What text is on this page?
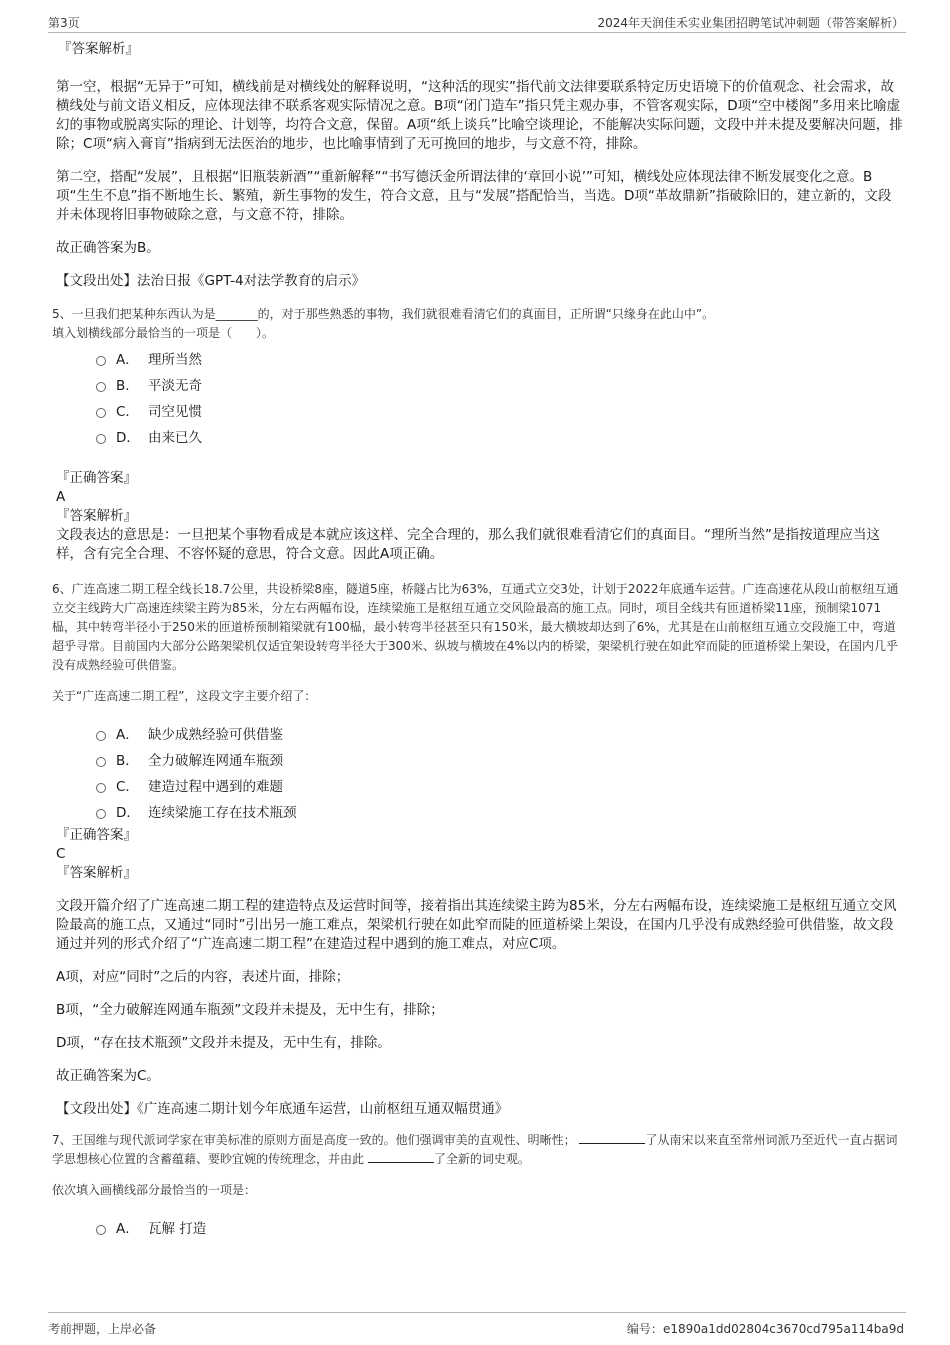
第3页	2024年天润佳禾实业集团招聘笔试冲刺题（带答案解析）

『答案解析』

第一空，根据“无异于”可知，横线前是对横线处的解释说明，“这种活的现实”指代前文法律要联系特定历史语境下的价值观念、社会需求，故横线处与前文语义相反，应体现法律不联系客观实际情况之意。B项“闭门造车”指只凭主观办事，不管客观实际，D项“空中楼阁”多用来比喻虚幻的事物或脱离实际的理论、计划等，均符合文意，保留。A项“纸上谈兵”比喻空谈理论，不能解决实际问题，文段中并未提及要解决问题，排除；C项“病入膏肓”指病到无法医治的地步，也比喻事情到了无可挽回的地步，与文意不符，排除。

第二空，搭配“发展”，且根据“旧瓶装新酒”“重新解释”“书写德沃金所谓法律的‘章回小说’”可知，横线处应体现法律不断发展变化之意。B项“生生不息”指不断地生长、繁殖，新生事物的发生，符合文意，且与“发展”搭配恰当，当选。D项“革故鼎新”指破除旧的，建立新的，文段并未体现将旧事物破除之意，与文意不符，排除。

故正确答案为B。

【文段出处】法治日报《GPT-4对法学教育的启示》

5、一旦我们把某种东西认为是_______的，对于那些熟悉的事物，我们就很难看清它们的真面目，正所谓“只缘身在此山中”。

填入划横线部分最恰当的一项是（　　）。

A． 理所当然
B． 平淡无奇
C． 司空见惯
D． 由来已久

『正确答案』

A

『答案解析』

文段表达的意思是：一旦把某个事物看成是本就应该这样、完全合理的，那么我们就很难看清它们的真面目。“理所当然”是指按道理应当这样，含有完全合理、不容怀疑的意思，符合文意。因此A项正确。

6、广连高速二期工程全线长18.7公里，共设桥梁8座，隧道5座，桥隧占比为63%，互通式立交3处，计划于2022年底通车运营。广连高速花从段山前枢纽互通立交主线跨大广高速连续梁主跨为85米，分左右两幅布设，连续梁施工是枢纽互通立交风险最高的施工点。同时，项目全线共有匝道桥梁11座，预制梁1071榀，其中转弯半径小于250米的匝道桥预制箱梁就有100榀，最小转弯半径甚至只有150米，最大横坡却达到了6%，尤其是在山前枢纽互通立交段施工中，弯道超乎寻常。目前国内大部分公路架梁机仅适宜架设转弯半径大于300米、纵坡与横坡在4%以内的桥梁，架梁机行驶在如此窄而陡的匝道桥梁上架设，在国内几乎没有成熟经验可供借鉴。

关于“广连高速二期工程”，这段文字主要介绍了：

A． 缺少成熟经验可供借鉴
B． 全力破解连网通车瓶颈
C． 建造过程中遇到的难题
D． 连续梁施工存在技术瓶颈

『正确答案』

C

『答案解析』

文段开篇介绍了广连高速二期工程的建造特点及运营时间等，接着指出其连续梁主跨为85米，分左右两幅布设，连续梁施工是枢纽互通立交风险最高的施工点，又通过“同时”引出另一施工难点，架梁机行驶在如此窄而陡的匝道桥梁上架设，在国内几乎没有成熟经验可供借鉴，故文段通过并列的形式介绍了“广连高速二期工程”在建造过程中遇到的施工难点，对应C项。

A项，对应“同时”之后的内容，表述片面，排除；

B项，“全力破解连网通车瓶颈”文段并未提及，无中生有，排除；

D项，“存在技术瓶颈”文段并未提及，无中生有，排除。

故正确答案为C。

【文段出处】《广连高速二期计划今年底通车运营，山前枢纽互通双幅贯通》

7、王国维与现代派词学家在审美标准的原则方面是高度一致的。他们强调审美的直观性、明晰性；	了从南宋以来直至常州词派乃至近代一直占据词学思想核心位置的含蓄蕴藉、要眇宜婉的传统理念，并由此	了全新的词史观。

依次填入画横线部分最恰当的一项是：

A． 瓦解 打造
考前押题，上岸必备	编号：e1890a1dd02804c3670cd795a114ba9d
